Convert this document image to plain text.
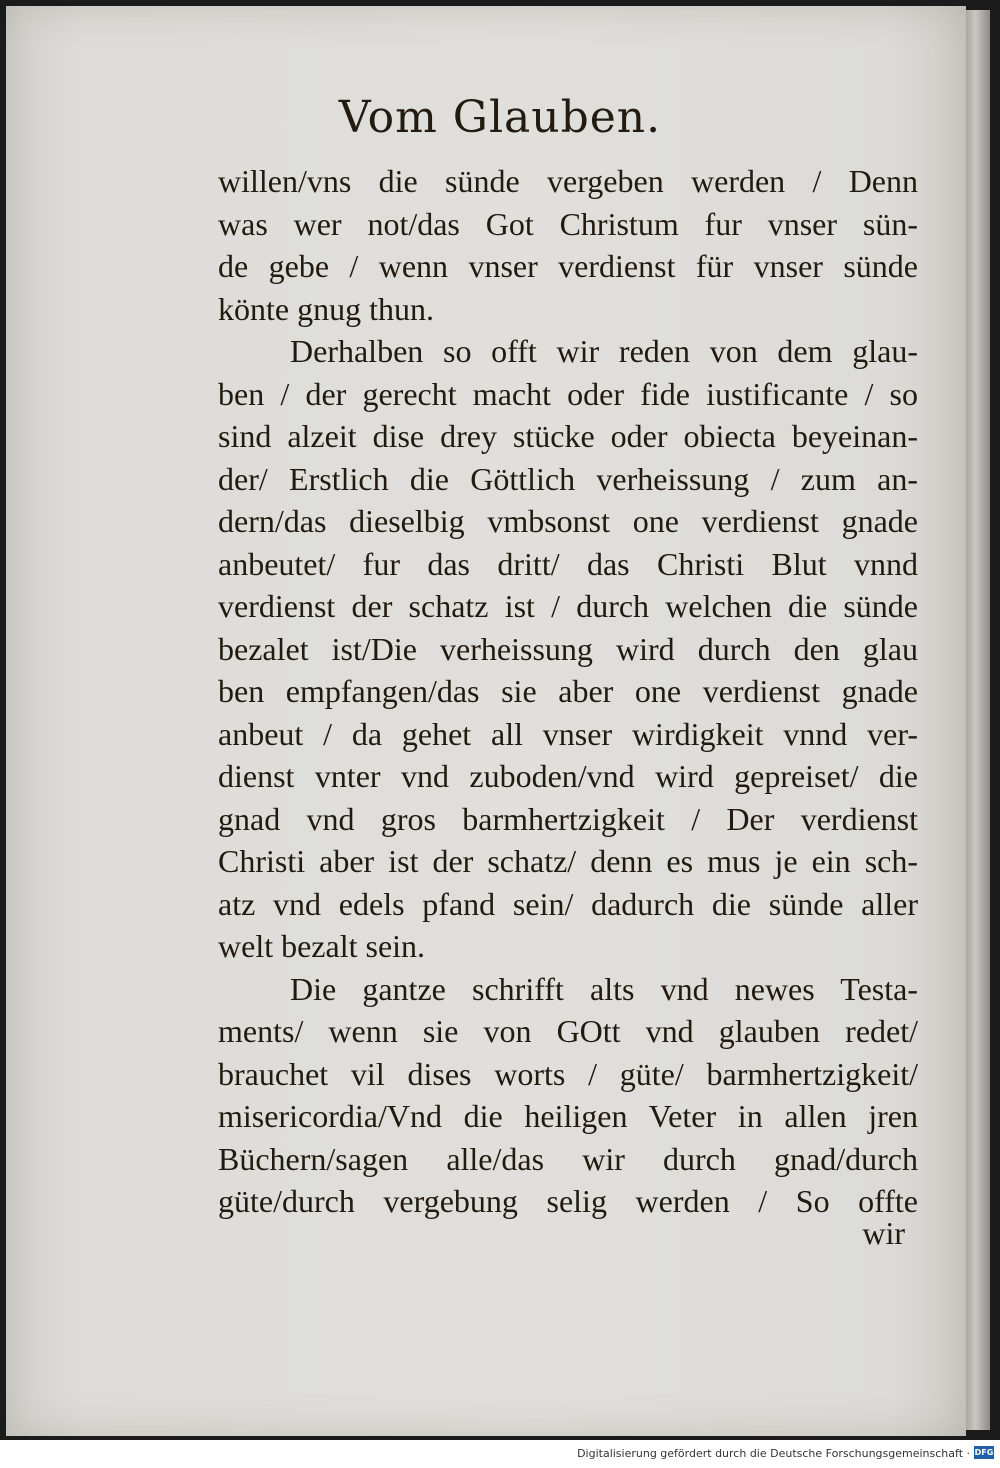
Vom Glauben.
willen/vns die sünde vergeben werden / Denn
was wer not/das Got Christum fur vnser sün-
de gebe / wenn vnser verdienst für vnser sünde
könte gnug thun.
Derhalben so offt wir reden von dem glau-
ben / der gerecht macht oder fide iustificante / so
sind alzeit dise drey stücke oder obiecta beyeinan-
der/ Erstlich die Göttlich verheissung / zum an-
dern/das dieselbig vmbsonst one verdienst gnade
anbeutet/ fur das dritt/ das Christi Blut vnnd
verdienst der schatz ist / durch welchen die sünde
bezalet ist/Die verheissung wird durch den glau
ben empfangen/das sie aber one verdienst gnade
anbeut / da gehet all vnser wirdigkeit vnnd ver-
dienst vnter vnd zuboden/vnd wird gepreiset/ die
gnad vnd gros barmhertzigkeit / Der verdienst
Christi aber ist der schatz/ denn es mus je ein sch-
atz vnd edels pfand sein/ dadurch die sünde aller
welt bezalt sein.
Die gantze schrifft alts vnd newes Testa-
ments/ wenn sie von GOtt vnd glauben redet/
brauchet vil dises worts / güte/ barmhertzigkeit/
misericordia/Vnd die heiligen Veter in allen jren
Büchern/sagen alle/das wir durch gnad/durch
güte/durch vergebung selig werden / So offte
wir
Digitalisierung gefördert durch die Deutsche Forschungsgemeinschaft · DFG
